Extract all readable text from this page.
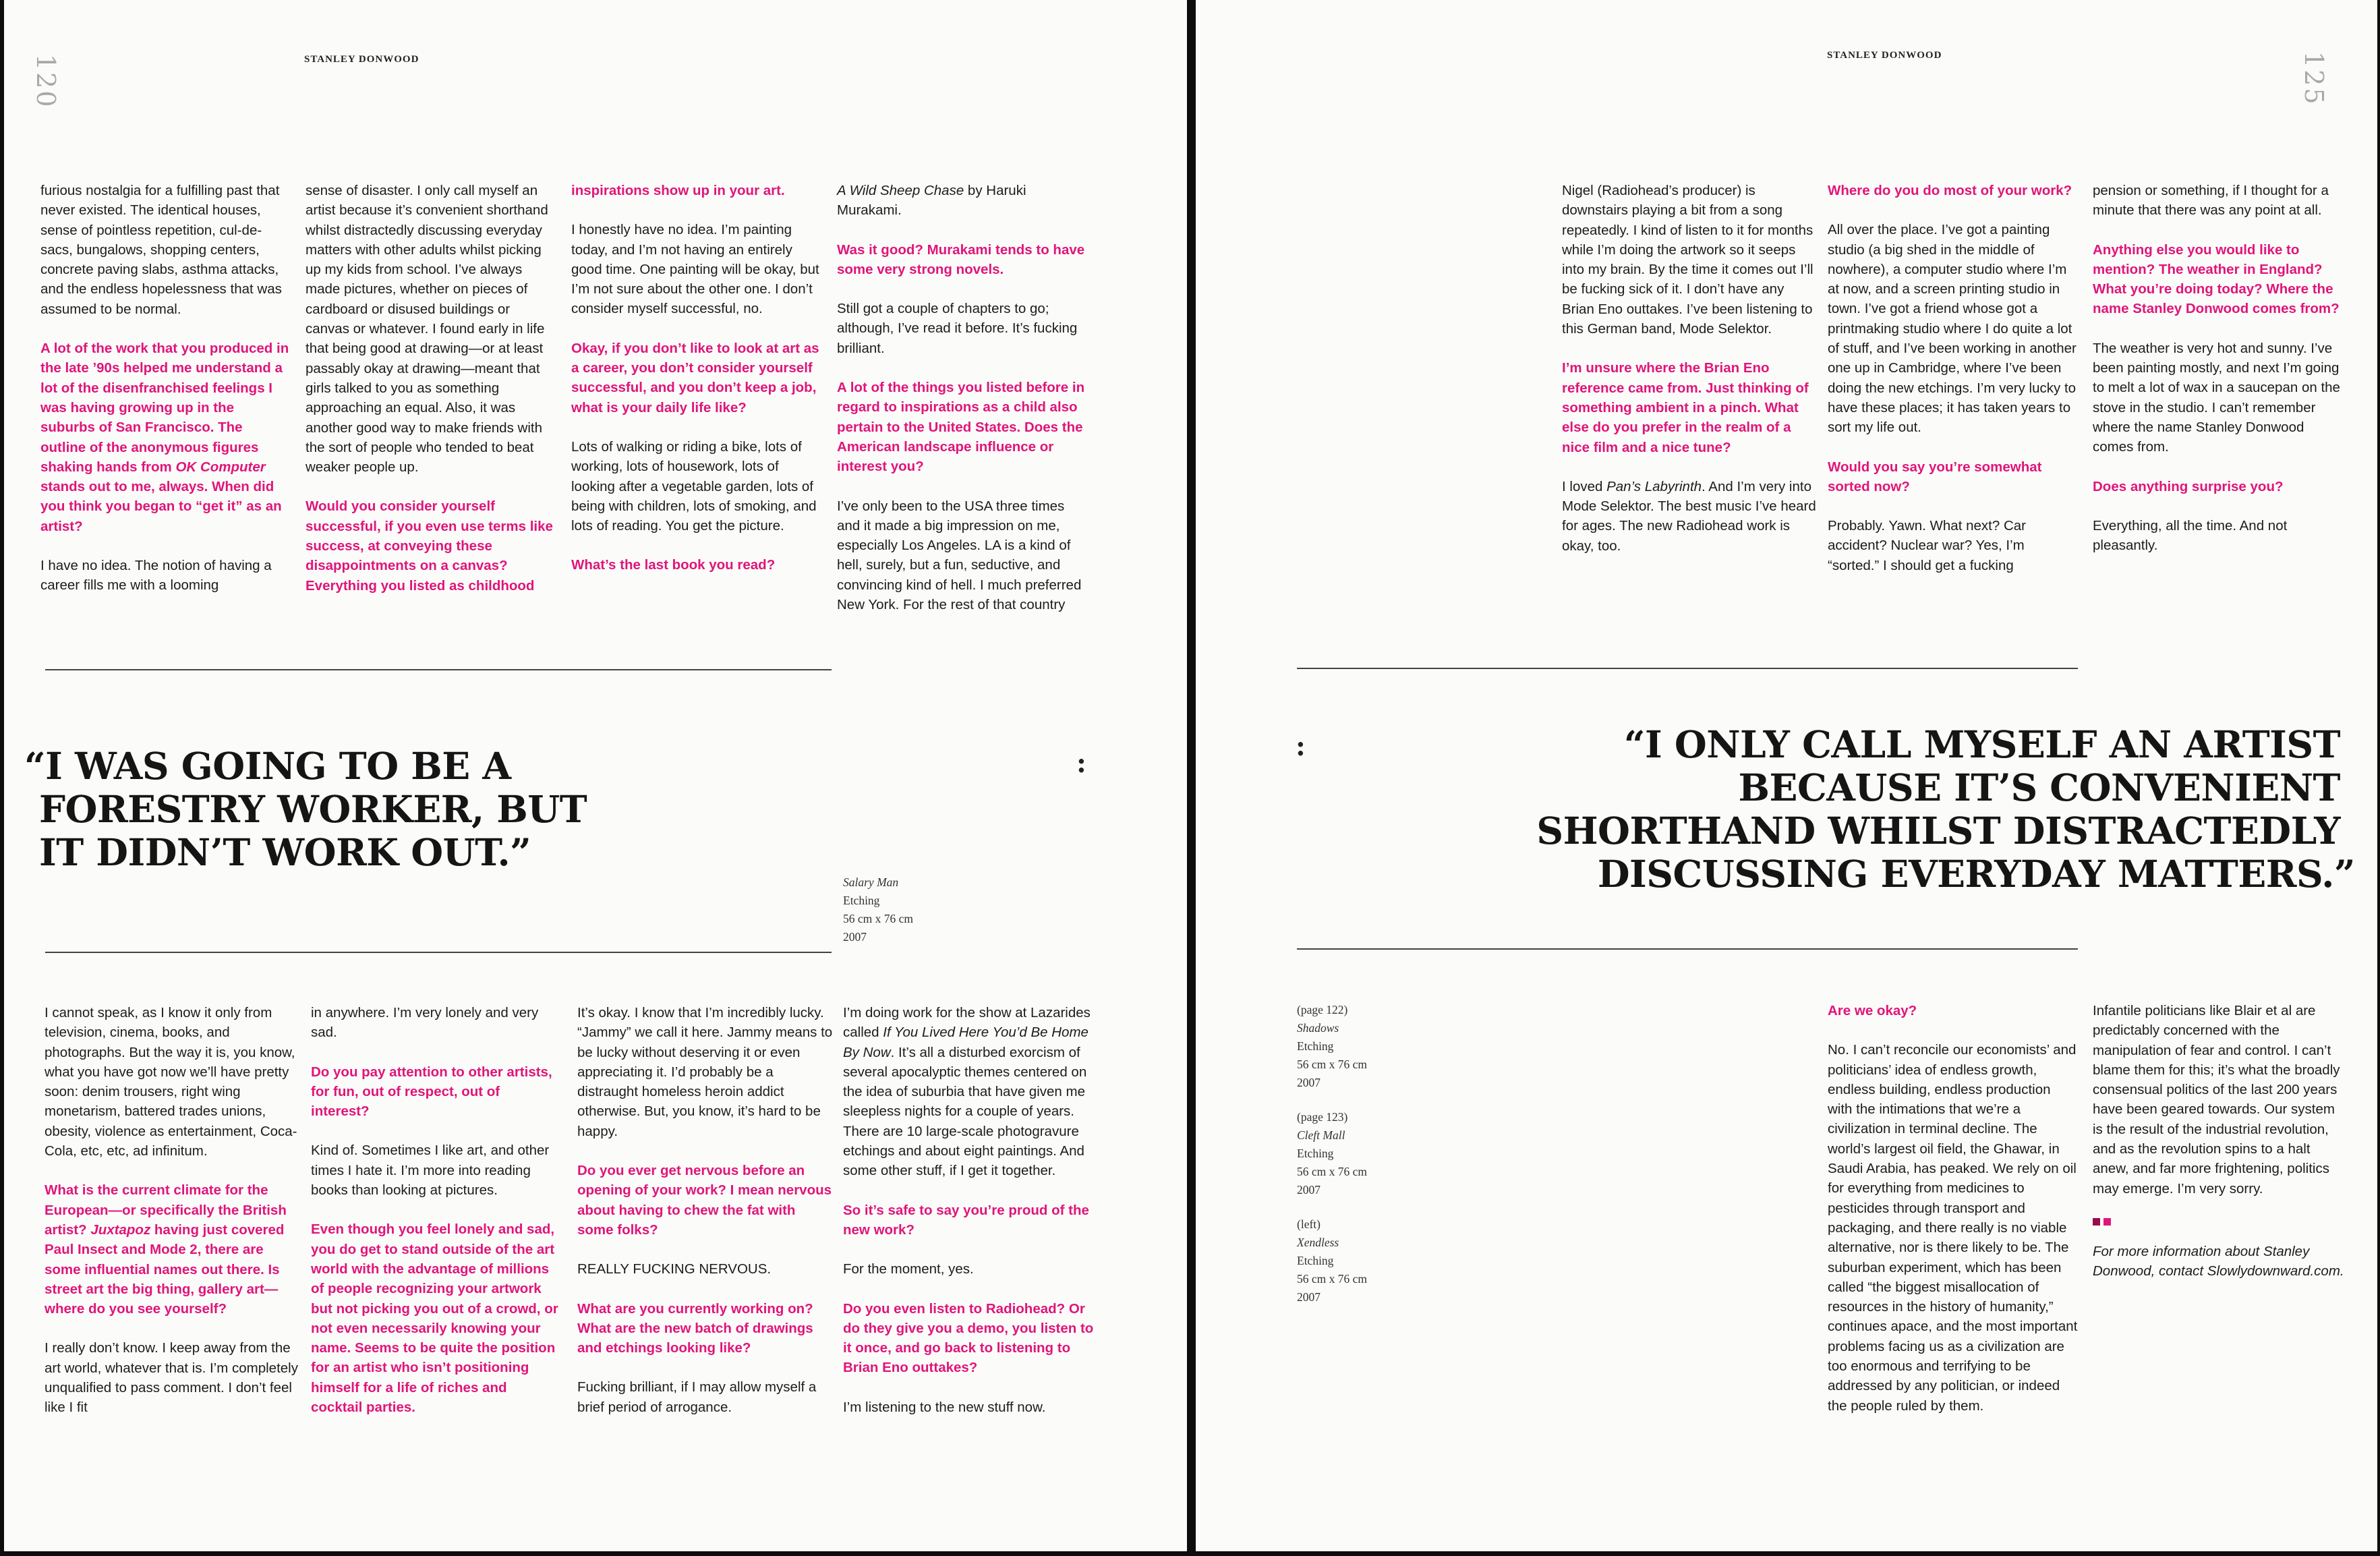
120	STANLEY DONWOOD

furious nostalgia for a fulfilling past that never existed. The identical houses, sense of pointless repetition, cul-de-sacs, bungalows, shopping centers, concrete paving slabs, asthma attacks, and the endless hopelessness that was assumed to be normal.

A lot of the work that you produced in the late ’90s helped me understand a lot of the disenfranchised feelings I was having growing up in the suburbs of San Francisco. The outline of the anonymous figures shaking hands from OK Computer stands out to me, always. When did you think you began to “get it” as an artist?

I have no idea. The notion of having a career fills me with a looming

sense of disaster. I only call myself an artist because it’s convenient shorthand whilst distractedly discussing everyday matters with other adults whilst picking up my kids from school. I’ve always made pictures, whether on pieces of cardboard or disused buildings or canvas or whatever. I found early in life that being good at drawing—or at least passably okay at drawing—meant that girls talked to you as something approaching an equal. Also, it was another good way to make friends with the sort of people who tended to beat weaker people up.

Would you consider yourself successful, if you even use terms like success, at conveying these disappointments on a canvas? Everything you listed as childhood

inspirations show up in your art.

I honestly have no idea. I’m painting today, and I’m not having an entirely good time. One painting will be okay, but I’m not sure about the other one. I don’t consider myself successful, no.

Okay, if you don’t like to look at art as a career, you don’t consider yourself successful, and you don’t keep a job, what is your daily life like?

Lots of walking or riding a bike, lots of working, lots of housework, lots of looking after a vegetable garden, lots of being with children, lots of smoking, and lots of reading. You get the picture.

What’s the last book you read?

A Wild Sheep Chase by Haruki Murakami.

Was it good? Murakami tends to have some very strong novels.

Still got a couple of chapters to go; although, I’ve read it before. It’s fucking brilliant.

A lot of the things you listed before in regard to inspirations as a child also pertain to the United States. Does the American landscape influence or interest you?

I’ve only been to the USA three times and it made a big impression on me, especially Los Angeles. LA is a kind of hell, surely, but a fun, seductive, and convincing kind of hell. I much preferred New York. For the rest of that country

“I WAS GOING TO BE A
FORESTRY WORKER, BUT
IT DIDN’T WORK OUT.”
:
Salary Man
Etching
56 cm x 76 cm
2007

I cannot speak, as I know it only from television, cinema, books, and photographs. But the way it is, you know, what you have got now we’ll have pretty soon: denim trousers, right wing monetarism, battered trades unions, obesity, violence as entertainment, Coca-Cola, etc, etc, ad infinitum.

What is the current climate for the European—or specifically the British artist? Juxtapoz having just covered Paul Insect and Mode 2, there are some influential names out there. Is street art the big thing, gallery art—where do you see yourself?

I really don’t know. I keep away from the art world, whatever that is. I’m completely unqualified to pass comment. I don’t feel like I fit

in anywhere. I’m very lonely and very sad.

Do you pay attention to other artists, for fun, out of respect, out of interest?

Kind of. Sometimes I like art, and other times I hate it. I’m more into reading books than looking at pictures.

Even though you feel lonely and sad, you do get to stand outside of the art world with the advantage of millions of people recognizing your artwork but not picking you out of a crowd, or not even necessarily knowing your name. Seems to be quite the position for an artist who isn’t positioning himself for a life of riches and cocktail parties.

It’s okay. I know that I’m incredibly lucky. “Jammy” we call it here. Jammy means to be lucky without deserving it or even appreciating it. I’d probably be a distraught homeless heroin addict otherwise. But, you know, it’s hard to be happy.

Do you ever get nervous before an opening of your work? I mean nervous about having to chew the fat with some folks?

REALLY FUCKING NERVOUS.

What are you currently working on? What are the new batch of drawings and etchings looking like?

Fucking brilliant, if I may allow myself a brief period of arrogance.

I’m doing work for the show at Lazarides called If You Lived Here You’d Be Home By Now. It’s all a disturbed exorcism of several apocalyptic themes centered on the idea of suburbia that have given me sleepless nights for a couple of years. There are 10 large-scale photogravure etchings and about eight paintings. And some other stuff, if I get it together.

So it’s safe to say you’re proud of the new work?

For the moment, yes.

Do you even listen to Radiohead? Or do they give you a demo, you listen to it once, and go back to listening to Brian Eno outtakes?

I’m listening to the new stuff now.

STANLEY DONWOOD	125

Nigel (Radiohead’s producer) is downstairs playing a bit from a song repeatedly. I kind of listen to it for months while I’m doing the artwork so it seeps into my brain. By the time it comes out I’ll be fucking sick of it. I don’t have any Brian Eno outtakes. I’ve been listening to this German band, Mode Selektor.

I’m unsure where the Brian Eno reference came from. Just thinking of something ambient in a pinch. What else do you prefer in the realm of a nice film and a nice tune?

I loved Pan’s Labyrinth. And I’m very into Mode Selektor. The best music I’ve heard for ages. The new Radiohead work is okay, too.

Where do you do most of your work?

All over the place. I’ve got a painting studio (a big shed in the middle of nowhere), a computer studio where I’m at now, and a screen printing studio in town. I’ve got a friend whose got a printmaking studio where I do quite a lot of stuff, and I’ve been working in another one up in Cambridge, where I’ve been doing the new etchings. I’m very lucky to have these places; it has taken years to sort my life out.

Would you say you’re somewhat sorted now?

Probably. Yawn. What next? Car accident? Nuclear war? Yes, I’m “sorted.” I should get a fucking

pension or something, if I thought for a minute that there was any point at all.

Anything else you would like to mention? The weather in England? What you’re doing today? Where the name Stanley Donwood comes from?

The weather is very hot and sunny. I’ve been painting mostly, and next I’m going to melt a lot of wax in a saucepan on the stove in the studio. I can’t remember where the name Stanley Donwood comes from.

Does anything surprise you?

Everything, all the time. And not pleasantly.

:	“I ONLY CALL MYSELF AN ARTIST
BECAUSE IT’S CONVENIENT
SHORTHAND WHILST DISTRACTEDLY
DISCUSSING EVERYDAY MATTERS.”
(page 122)
Shadows
Etching
56 cm x 76 cm
2007
(page 123)
Cleft Mall
Etching
56 cm x 76 cm
2007
(left)
Xendless
Etching
56 cm x 76 cm
2007

Are we okay?

No. I can’t reconcile our economists’ and politicians’ idea of endless growth, endless building, endless production with the intimations that we’re a civilization in terminal decline. The world’s largest oil field, the Ghawar, in Saudi Arabia, has peaked. We rely on oil for everything from medicines to pesticides through transport and packaging, and there really is no viable alternative, nor is there likely to be. The suburban experiment, which has been called “the biggest misallocation of resources in the history of humanity,” continues apace, and the most important problems facing us as a civilization are too enormous and terrifying to be addressed by any politician, or indeed the people ruled by them.

Infantile politicians like Blair et al are predictably concerned with the manipulation of fear and control. I can’t blame them for this; it’s what the broadly consensual politics of the last 200 years have been geared towards. Our system is the result of the industrial revolution, and as the revolution spins to a halt anew, and far more frightening, politics may emerge. I’m very sorry.

For more information about Stanley Donwood, contact Slowlydownward.com.
